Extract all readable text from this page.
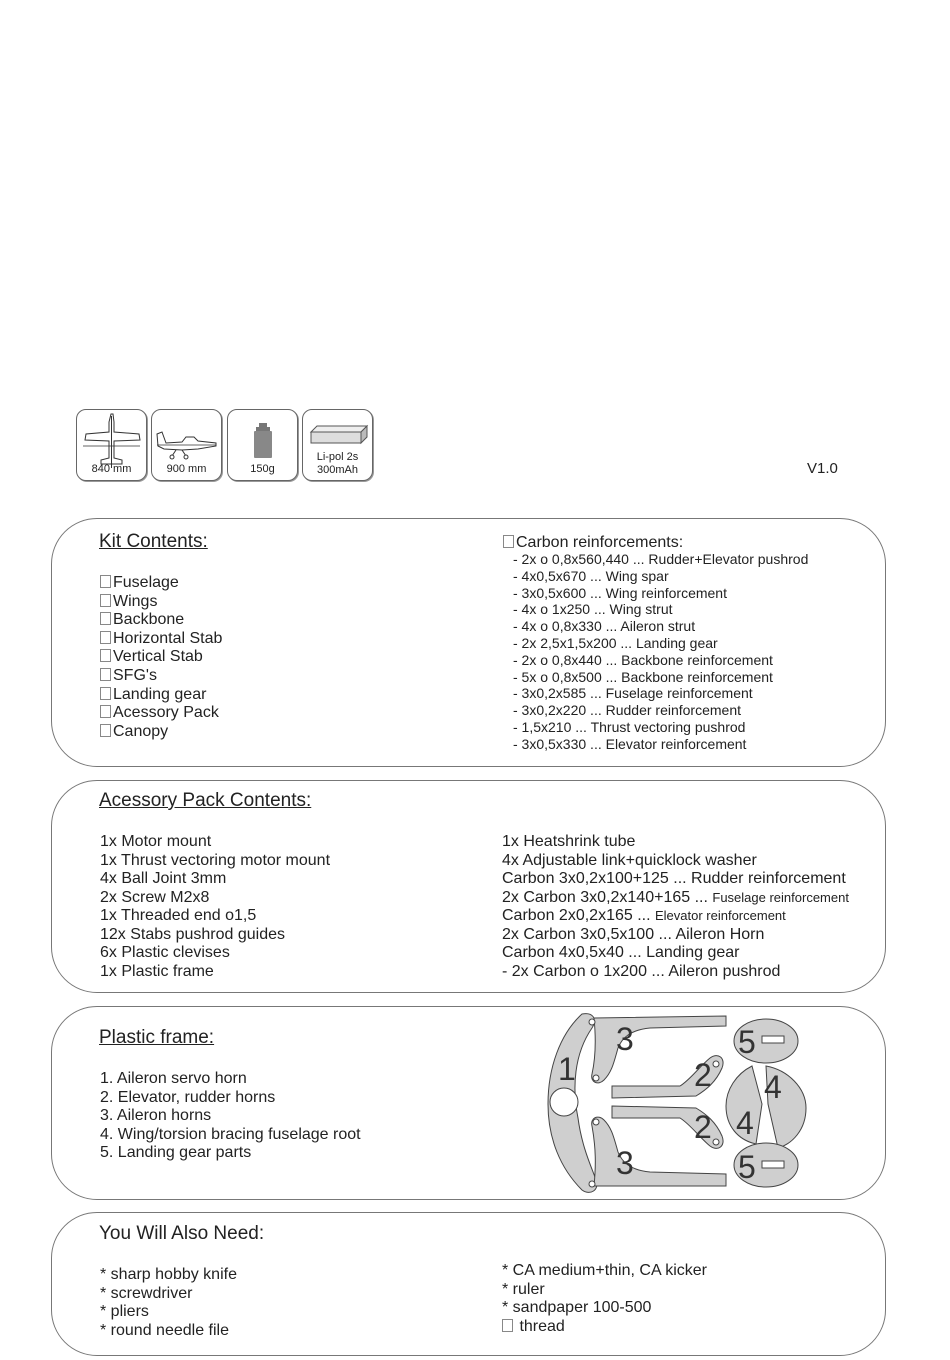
840 mm	900 mm	150g
Li-pol 2s
300mAh	V1.0
Kit Contents:
Fuselage
Wings
Backbone
Horizontal Stab
Vertical Stab
SFG's
Landing gear
Acessory Pack
Canopy
Carbon reinforcements:
- 2x o 0,8x560,440 ... Rudder+Elevator pushrod
- 4x0,5x670 ... Wing spar
- 3x0,5x600 ... Wing reinforcement
- 4x o 1x250 ... Wing strut
- 4x o 0,8x330 ... Aileron strut
- 2x 2,5x1,5x200 ... Landing gear
- 2x o 0,8x440 ... Backbone reinforcement
- 5x o 0,8x500 ... Backbone reinforcement
- 3x0,2x585 ... Fuselage reinforcement
- 3x0,2x220 ... Rudder reinforcement
- 1,5x210 ... Thrust vectoring pushrod
- 3x0,5x330 ... Elevator reinforcement
Acessory Pack Contents:
1x Motor mount
1x Thrust vectoring motor mount
4x Ball Joint 3mm
2x Screw M2x8
1x Threaded end o1,5
12x Stabs pushrod guides
6x Plastic clevises
1x Plastic frame
1x Heatshrink tube
4x Adjustable link+quicklock washer
Carbon 3x0,2x100+125 ... Rudder reinforcement
2x Carbon 3x0,2x140+165 ... Fuselage reinforcement
Carbon 2x0,2x165 ... Elevator reinforcement
2x Carbon 3x0,5x100 ... Aileron Horn
Carbon 4x0,5x40 ... Landing gear
- 2x Carbon o 1x200 ... Aileron pushrod
Plastic frame:
1. Aileron servo horn
2. Elevator, rudder horns
3. Aileron horns
4. Wing/torsion bracing fuselage root
5. Landing gear parts
1	2
2
3
3
4
4
5
5
You Will Also Need:
* sharp hobby knife
* screwdriver
* pliers
* round needle file
* CA medium+thin, CA kicker
* ruler
* sandpaper 100-500
thread
